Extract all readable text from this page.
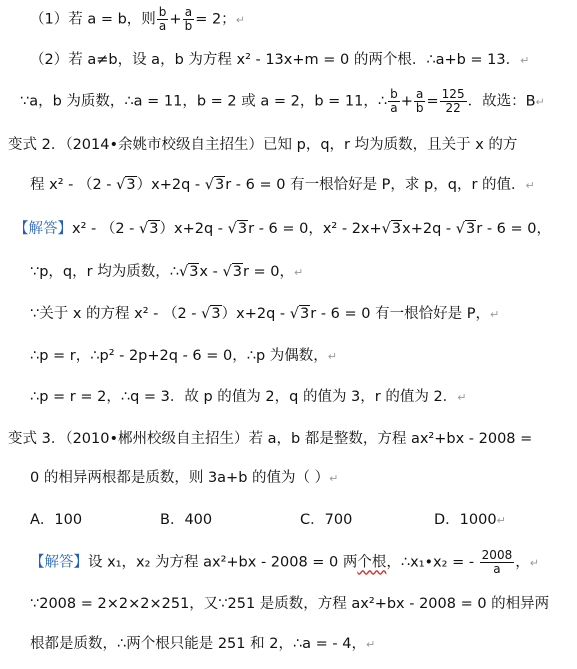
（1）若 a = b，则 $\frac{b}{a} + \frac{a}{b} = 2$；↵
（2）若 a≠b，设 a，b 为方程 x² - 13x+m = 0 的两个根．∴a+b = 13．↵
∵a，b 为质数，∴a = 11，b = 2 或 a = 2，b = 11，∴ $\frac{b}{a} + \frac{a}{b} = \frac{125}{22}$ ．故选：B↵
变式 2．（2014•余姚市校级自主招生）已知 p，q，r 均为质数，且关于 x 的方
程 x² - （2 - √3）x+2q - √3r - 6 = 0 有一根恰好是 P，求 p，q，r 的值．↵
【解答】x² - （2 - √3）x+2q - √3r - 6 = 0，x² - 2x+√3x+2q - √3r - 6 = 0，
∵p，q，r 均为质数，∴√3x - √3r = 0，↵
∵关于 x 的方程 x² - （2 - √3）x+2q - √3r - 6 = 0 有一根恰好是 P，↵
∴p = r，∴p² - 2p+2q - 6 = 0，∴p 为偶数，↵
∴p = r = 2，∴q = 3．故 p 的值为 2，q 的值为 3，r 的值为 2．↵
变式 3．（2010•郴州校级自主招生）若 a，b 都是整数，方程 ax²+bx - 2008 =
0 的相异两根都是质数，则 3a+b 的值为（ ）↵
A．100	B．400	C．700	D．1000↵
【解答】设 x₁，x₂ 为方程 ax²+bx - 2008 = 0 两个根，∴x₁•x₂ = - $\frac{2008}{a}$ ，↵
∵2008 = 2×2×2×251，又∵251 是质数，方程 ax²+bx - 2008 = 0 的相异两
根都是质数，∴两个根只能是 251 和 2，∴a = - 4，↵
